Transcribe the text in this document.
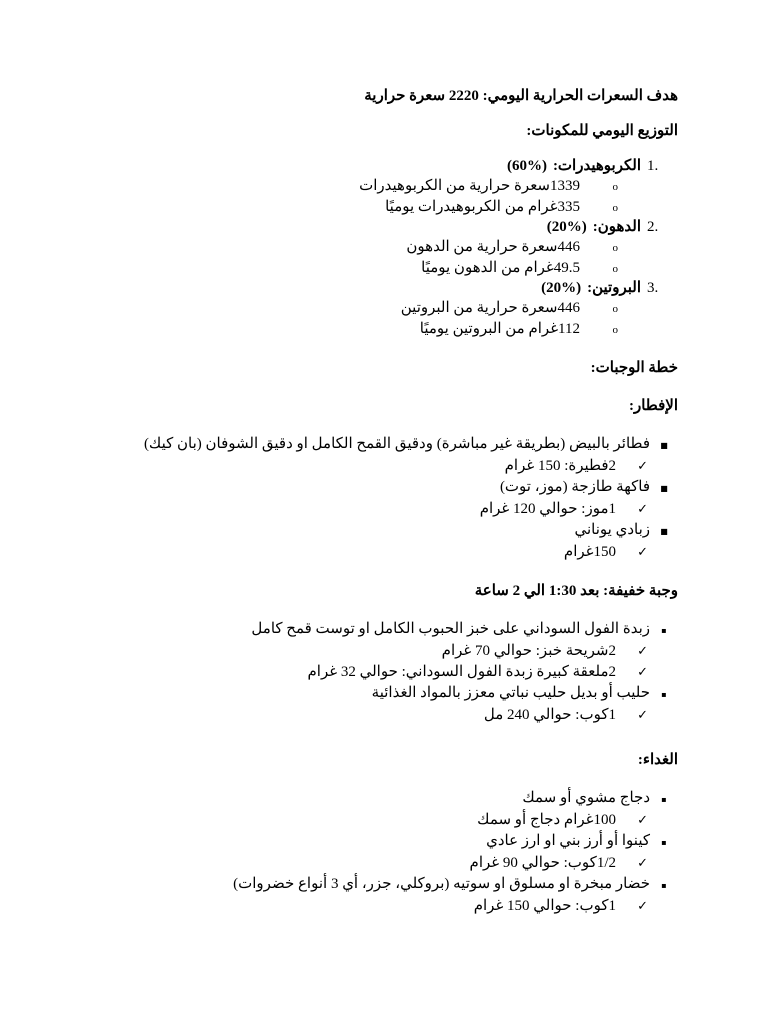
هدف السعرات الحرارية اليومي: 2220 سعرة حرارية

التوزيع اليومي للمكونات:

.1
الكربوهيدرات:
(60%)
o
1339سعرة حرارية من الكربوهيدرات
o
335غرام من الكربوهيدرات يوميًا
.2
الدهون:
(20%)
o
446سعرة حرارية من الدهون
o
49.5غرام من الدهون يوميًا
.3
البروتين:
(20%)
o
446سعرة حرارية من البروتين
o
112غرام من البروتين يوميًا

خطة الوجبات:

الإفطار:

■
فطائر بالبيض (بطريقة غير مباشرة) ودقيق القمح الكامل او دقيق الشوفان (بان كيك)
✓
2فطيرة: 150 غرام
■
فاكهة طازجة (موز، توت)
✓
1موز: حوالي 120 غرام
■
زبادي يوناني
✓
150غرام

وجبة خفيفة: بعد 1:30 الي 2 ساعة

▪
زبدة الفول السوداني على خبز الحبوب الكامل او توست قمح كامل
✓
2شريحة خبز: حوالي 70 غرام
✓
2ملعقة كبيرة زبدة الفول السوداني: حوالي 32 غرام
▪
حليب أو بديل حليب نباتي معزز بالمواد الغذائية
✓
1كوب: حوالي 240 مل

الغداء:

▪
دجاج مشوي أو سمك
✓
100غرام دجاج أو سمك
▪
كينوا أو أرز بني او ارز عادي
✓
1/2كوب: حوالي 90 غرام
▪
خضار مبخرة او مسلوق او سوتيه (بروكلي، جزر، أي 3 أنواع خضروات)
✓
1كوب: حوالي 150 غرام
